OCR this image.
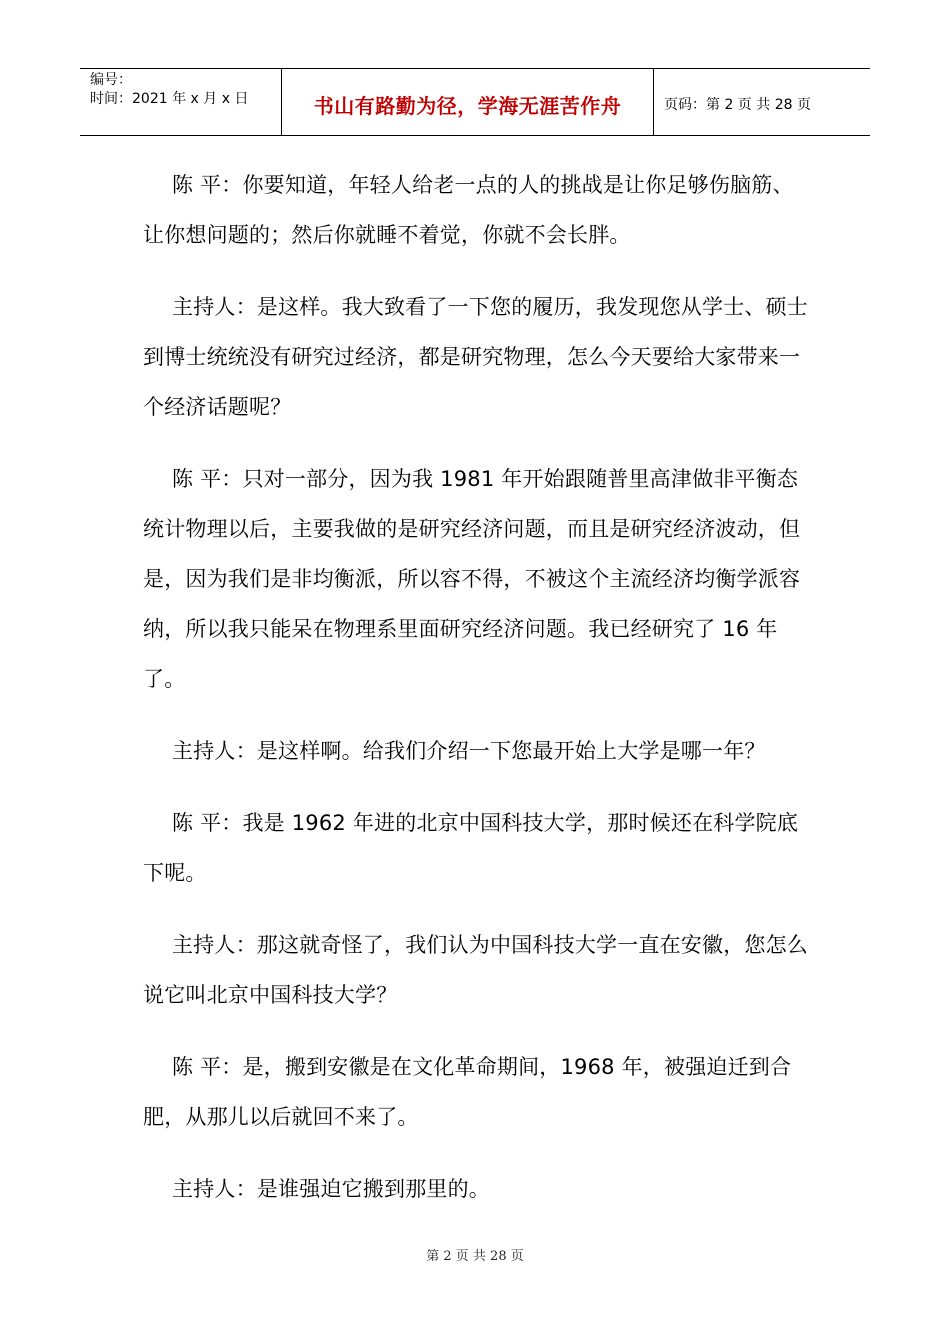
编号：
时间：2021 年 x 月 x 日	书山有路勤为径，学海无涯苦作舟	页码：第 2 页 共 28 页

陈 平：你要知道，年轻人给老一点的人的挑战是让你足够伤脑筋、让你想问题的；然后你就睡不着觉，你就不会长胖。

主持人：是这样。我大致看了一下您的履历，我发现您从学士、硕士到博士统统没有研究过经济，都是研究物理，怎么今天要给大家带来一个经济话题呢？

陈 平：只对一部分，因为我 1981 年开始跟随普里高津做非平衡态统计物理以后，主要我做的是研究经济问题，而且是研究经济波动，但是，因为我们是非均衡派，所以容不得，不被这个主流经济均衡学派容纳，所以我只能呆在物理系里面研究经济问题。我已经研究了 16 年了。

主持人：是这样啊。给我们介绍一下您最开始上大学是哪一年？

陈 平：我是 1962 年进的北京中国科技大学，那时候还在科学院底下呢。

主持人：那这就奇怪了，我们认为中国科技大学一直在安徽，您怎么说它叫北京中国科技大学？

陈 平：是，搬到安徽是在文化革命期间，1968 年，被强迫迁到合肥，从那儿以后就回不来了。

主持人：是谁强迫它搬到那里的。

第 2 页 共 28 页
